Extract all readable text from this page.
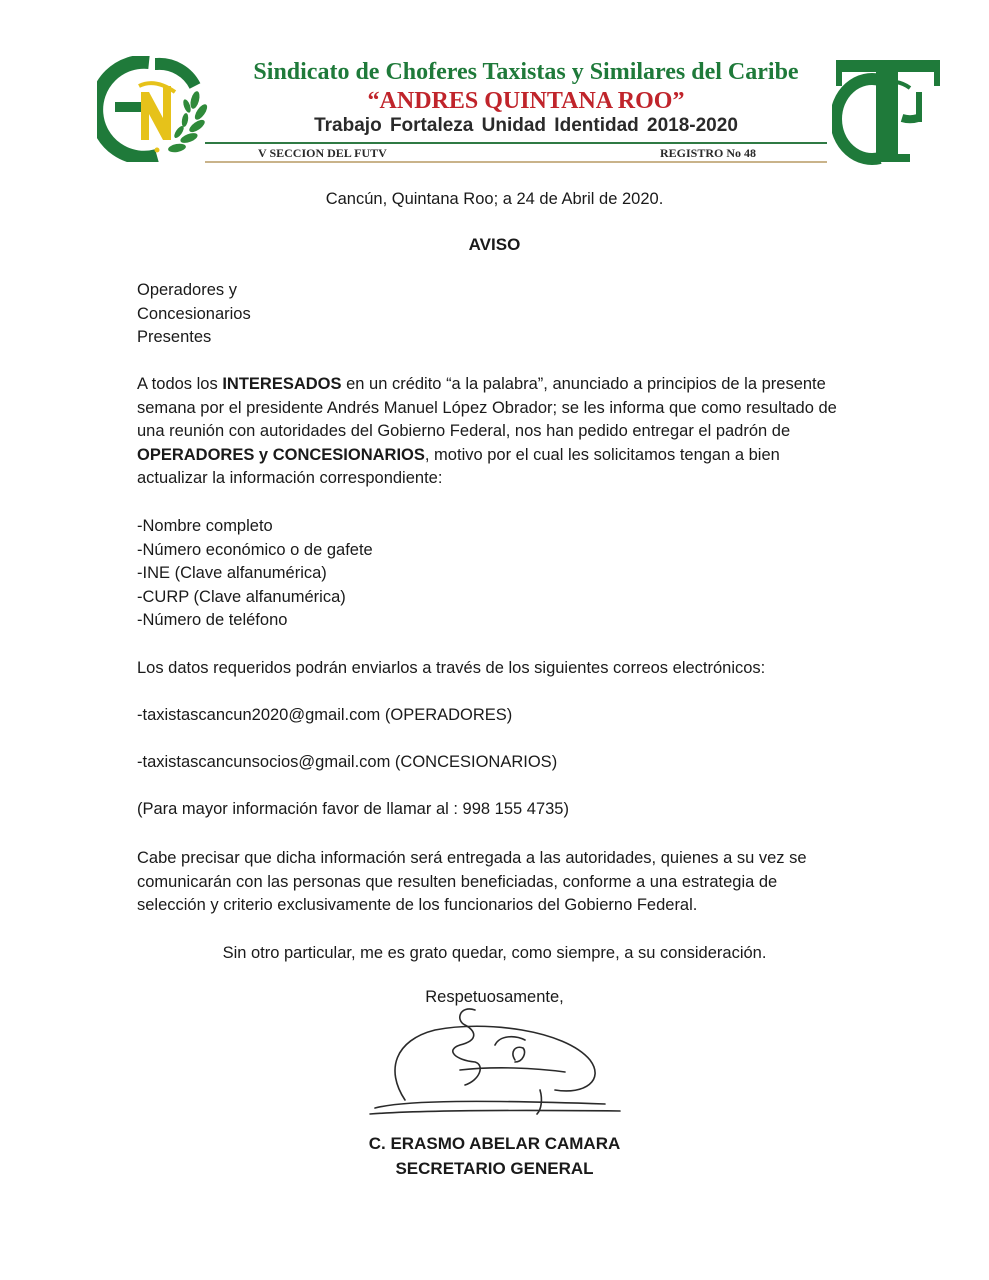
Sindicato de Choferes Taxistas y Similares del Caribe
“ANDRES QUINTANA ROO”
Trabajo Fortaleza Unidad Identidad 2018-2020
V SECCION DEL FUTV	REGISTRO No 48
Cancún, Quintana Roo; a 24 de Abril de 2020.
AVISO
Operadores y
Concesionarios
Presentes
A todos los INTERESADOS en un crédito “a la palabra”, anunciado a principios de la presente semana por el presidente Andrés Manuel López Obrador; se les informa que como resultado de una reunión con autoridades del Gobierno Federal, nos han pedido entregar el padrón de OPERADORES y CONCESIONARIOS, motivo por el cual les solicitamos tengan a bien actualizar la información correspondiente:
-Nombre completo
-Número económico o de gafete
-INE (Clave alfanumérica)
-CURP (Clave alfanumérica)
-Número de teléfono
Los datos requeridos podrán enviarlos a través de los siguientes correos electrónicos:
-taxistascancun2020@gmail.com (OPERADORES)
-taxistascancunsocios@gmail.com (CONCESIONARIOS)
(Para mayor información favor de llamar al : 998 155 4735)
Cabe precisar que dicha información será entregada a las autoridades, quienes a su vez se comunicarán con las personas que resulten beneficiadas, conforme a una estrategia de selección y criterio exclusivamente de los funcionarios del Gobierno Federal.
Sin otro particular, me es grato quedar, como siempre, a su consideración.
Respetuosamente,
C. ERASMO ABELAR CAMARA
SECRETARIO GENERAL
